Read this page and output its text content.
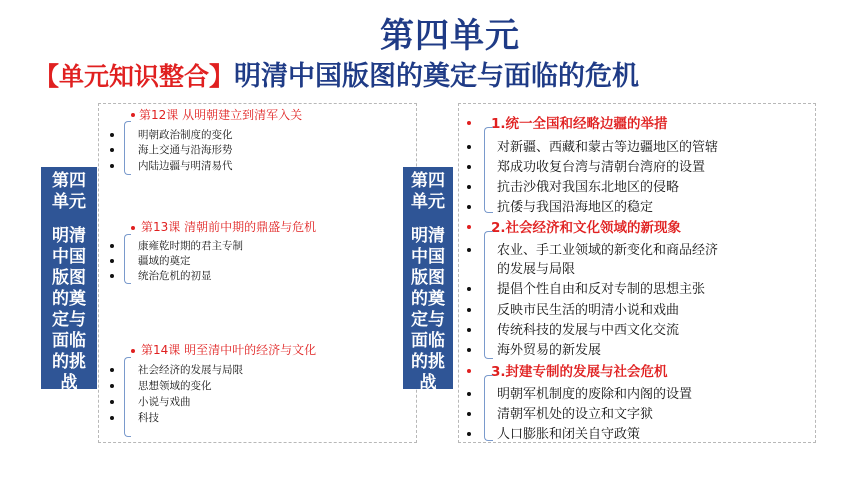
第四单元
【单元知识整合】明清中国版图的奠定与面临的危机
第四单元
明清中国版图的奠定与面临的挑战
第12课 从明朝建立到清军入关
明朝政治制度的变化
海上交通与沿海形势
内陆边疆与明清易代
第13课 清朝前中期的鼎盛与危机
康雍乾时期的君主专制
疆域的奠定
统治危机的初显
第14课 明至清中叶的经济与文化
社会经济的发展与局限
思想领域的变化
小说与戏曲
科技
第四单元
明清中国版图的奠定与面临的挑战
1.统一全国和经略边疆的举措
对新疆、西藏和蒙古等边疆地区的管辖
郑成功收复台湾与清朝台湾府的设置
抗击沙俄对我国东北地区的侵略
抗倭与我国沿海地区的稳定
2.社会经济和文化领域的新现象
农业、手工业领域的新变化和商品经济
的发展与局限
提倡个性自由和反对专制的思想主张
反映市民生活的明清小说和戏曲
传统科技的发展与中西文化交流
海外贸易的新发展
3.封建专制的发展与社会危机
明朝军机制度的废除和内阁的设置
清朝军机处的设立和文字狱
人口膨胀和闭关自守政策
